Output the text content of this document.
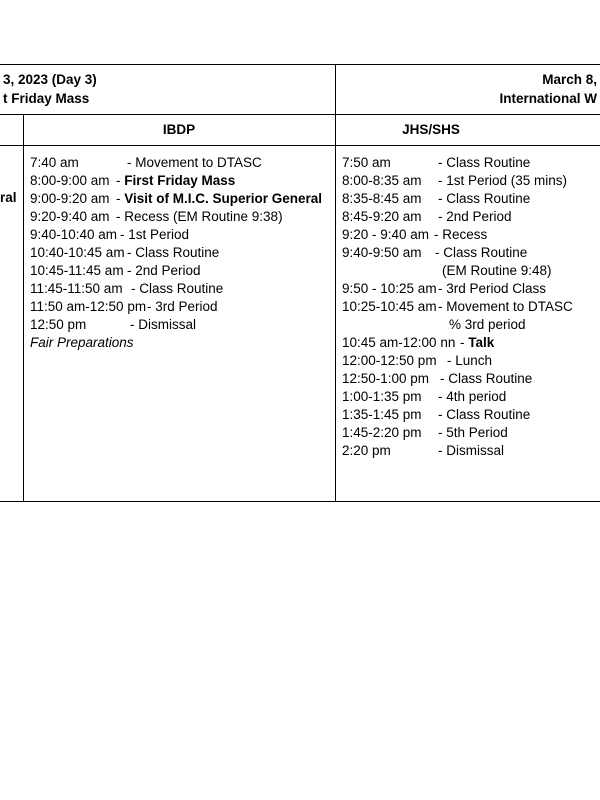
3, 2023 (Day 3)
t Friday Mass
March 8,
International W
IBDP	JHS/SHS
ral
7:40 am	- Movement to DTASC
8:00-9:00 am - First Friday Mass
9:00-9:20 am - Visit of M.I.C. Superior General
9:20-9:40 am - Recess (EM Routine 9:38)
9:40-10:40 am - 1st Period
10:40-10:45 am - Class Routine
10:45-11:45 am - 2nd Period
11:45-11:50 am - Class Routine
11:50 am-12:50 pm - 3rd Period
12:50 pm	- Dismissal
Fair Preparations
7:50 am	- Class Routine
8:00-8:35 am - 1st Period (35 mins)
8:35-8:45 am - Class Routine
8:45-9:20 am - 2nd Period
9:20 - 9:40 am - Recess
9:40-9:50 am - Class Routine
(EM Routine 9:48)
9:50 - 10:25 am - 3rd Period Class
10:25-10:45 am - Movement to DTASC
% 3rd period
10:45 am-12:00 nn - Talk
12:00-12:50 pm - Lunch
12:50-1:00 pm - Class Routine
1:00-1:35 pm - 4th period
1:35-1:45 pm - Class Routine
1:45-2:20 pm - 5th Period
2:20 pm	- Dismissal
